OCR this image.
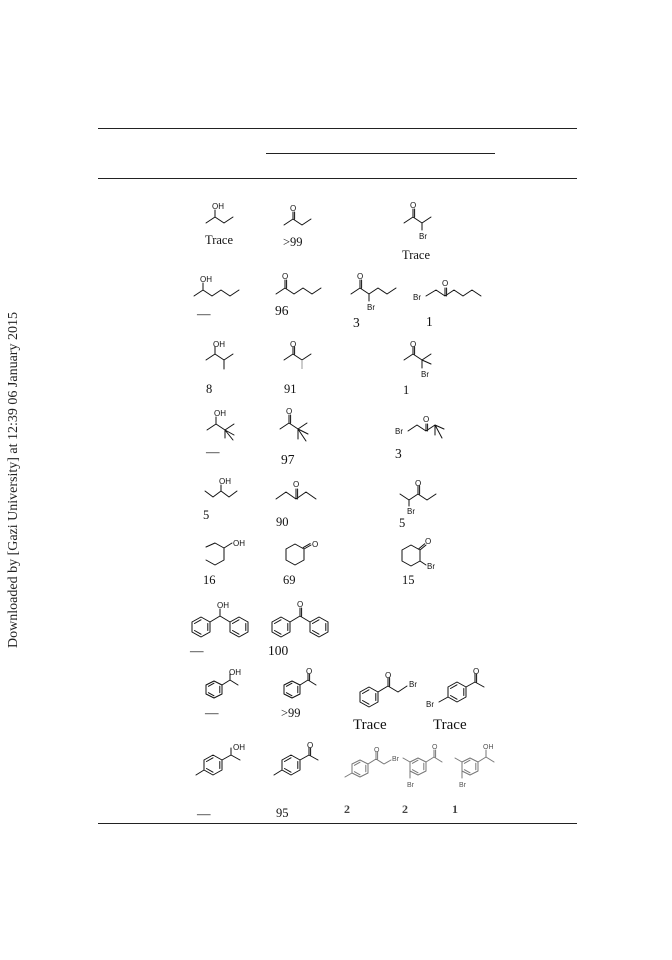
Downloaded by [Gazi University] at 12:39 06 January 2015
OH
Trace
O
>99
O
Br
Trace
OH
—
O
96
O
Br
3
O
Br
1
OH
8
O
91
O
Br
1
OH
—
O
97
O
Br
3
OH
5
O
90
O
Br
5
OH
16
O
69
O
Br
15
OH
—
O
100
OH
—
O
>99
O
Br
Trace
O
Br
Trace
OH
—
O
95
O
Br
2
O
Br
2
OH
Br
1
